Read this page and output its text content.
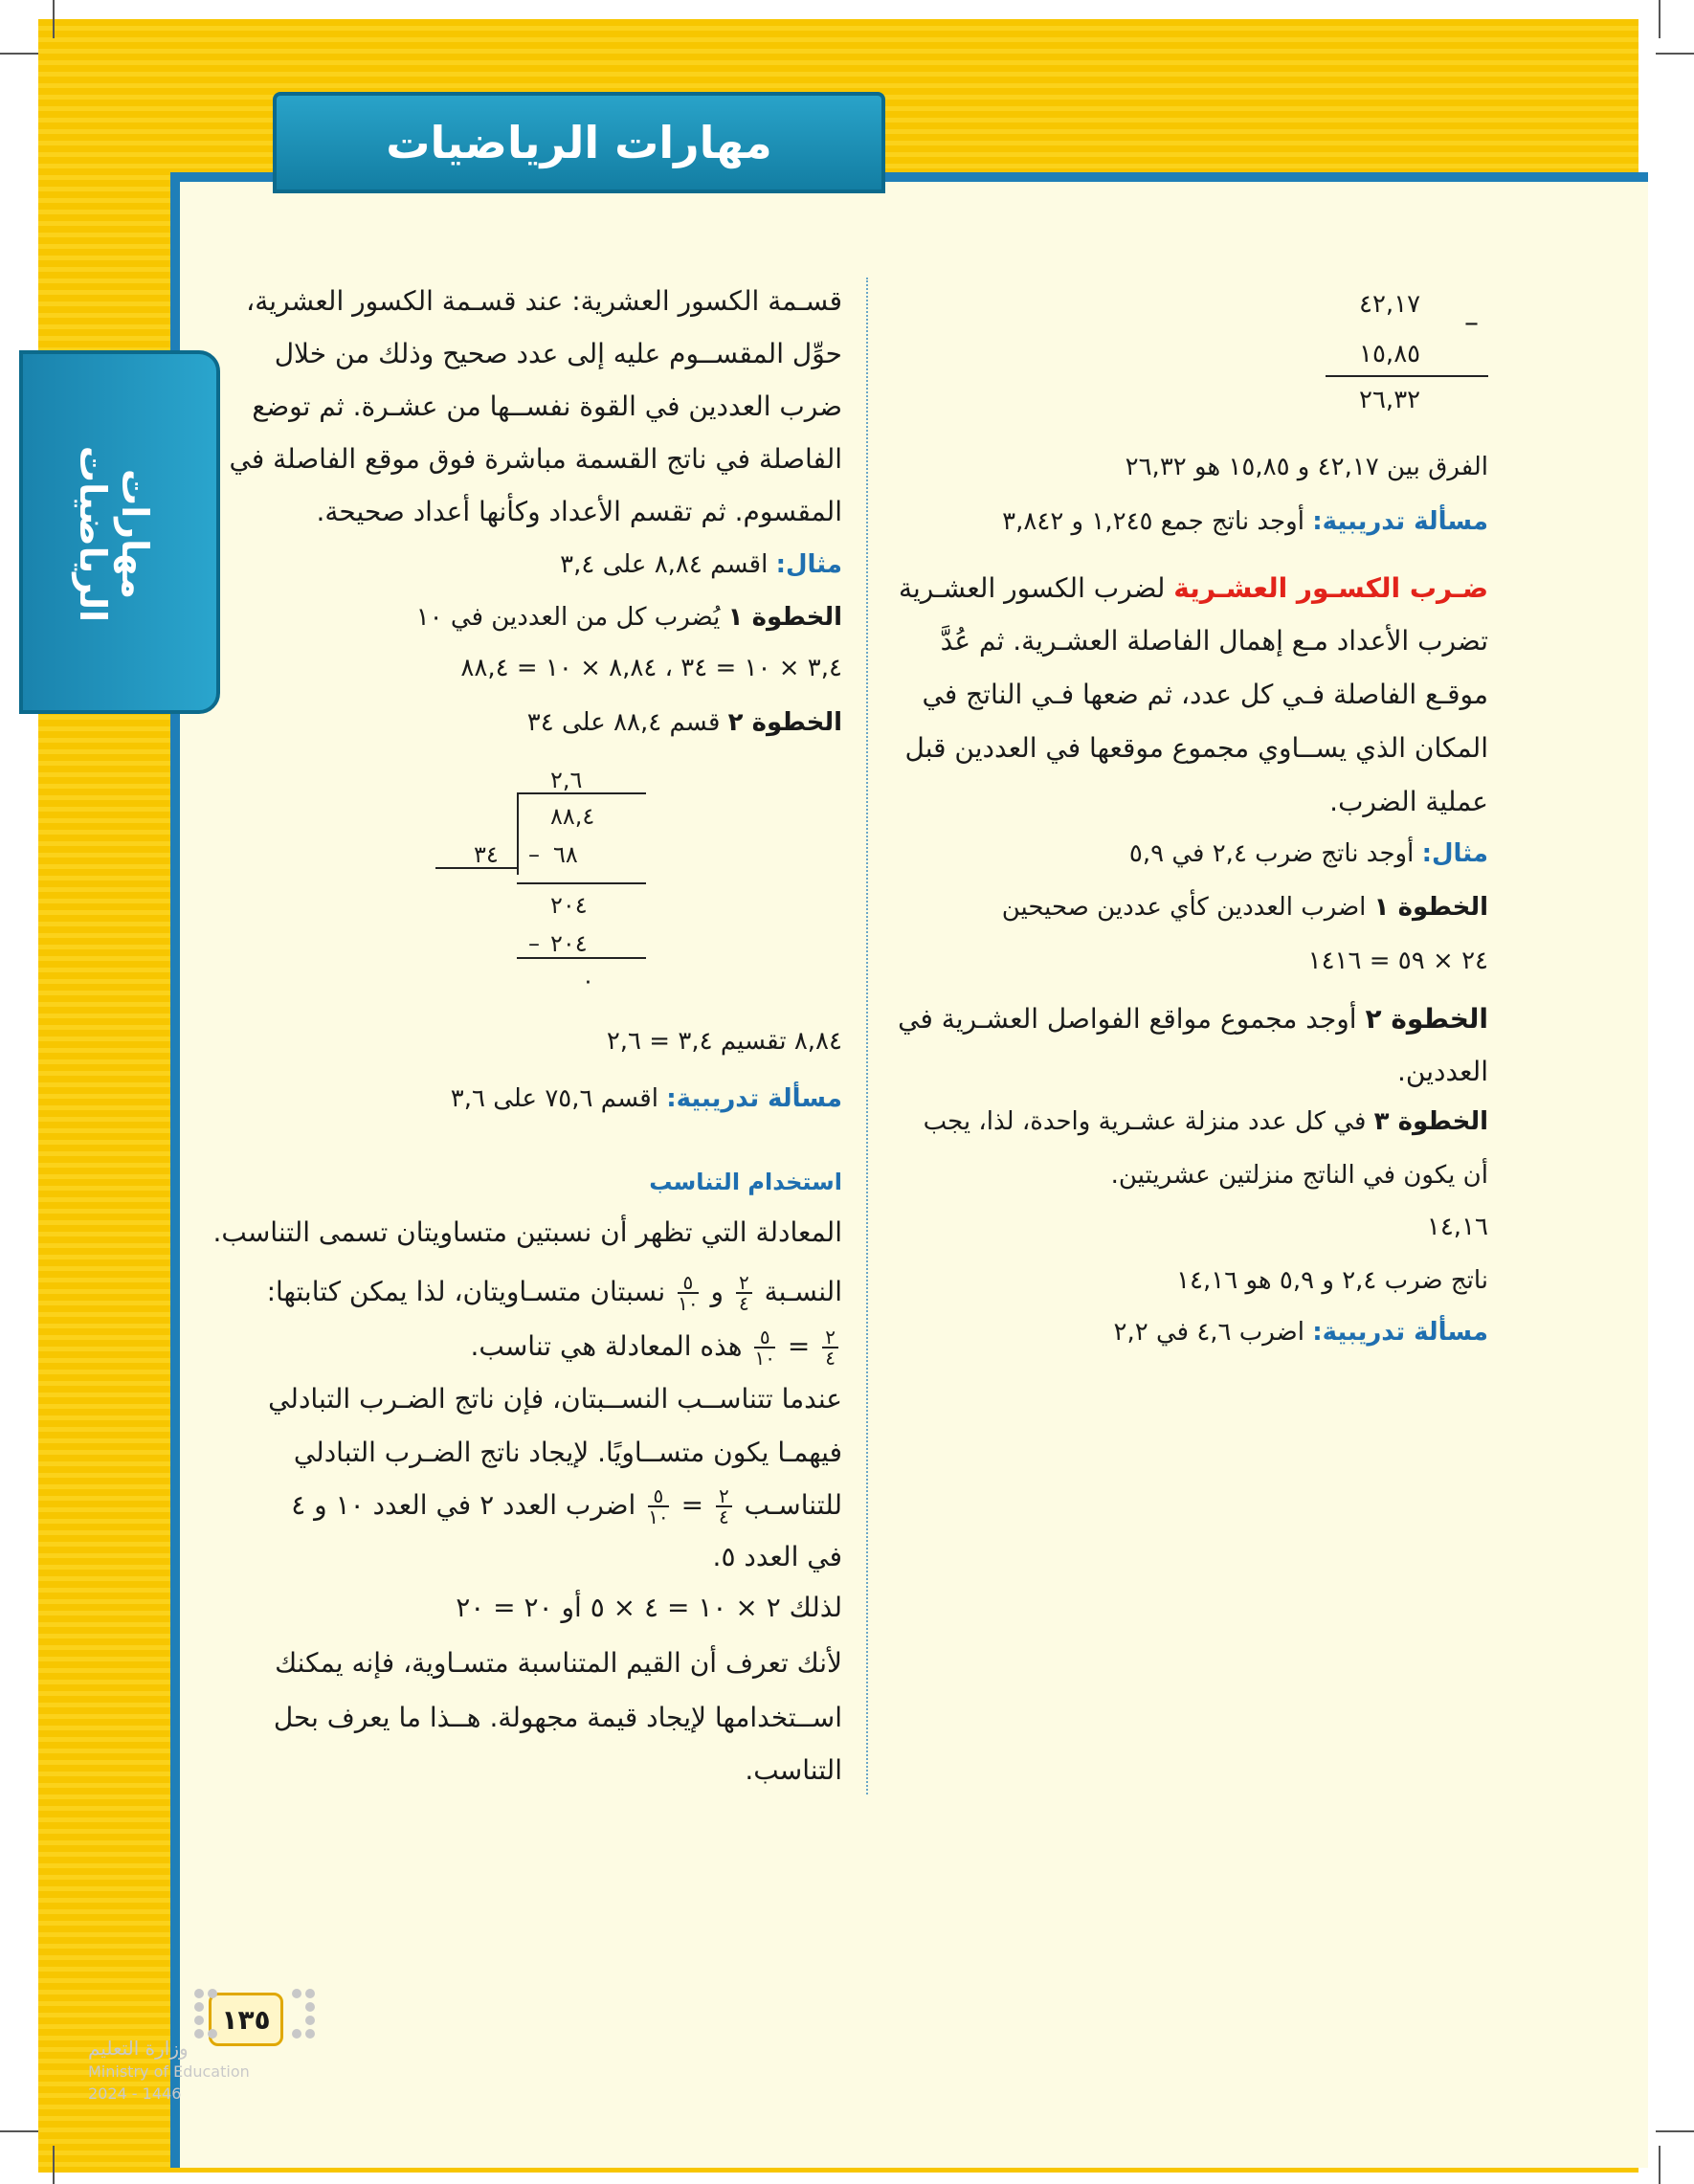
مهارات الرياضيات
مهارات الرياضيات
٤٢,١٧
–
١٥,٨٥
٢٦,٣٢
الفرق بين ٤٢,١٧ و ١٥,٨٥ هو ٢٦,٣٢
مسألة تدريبية: أوجد ناتج جمع ١,٢٤٥ و ٣,٨٤٢
ضـرب الكسـور العشـرية لضرب الكسور العشـرية
تضرب الأعداد مـع إهمال الفاصلة العشـرية. ثم عُدَّ
موقـع الفاصلة فـي كل عدد، ثم ضعها فـي الناتج في
المكان الذي يســاوي مجموع موقعها في العددين قبل
عملية الضرب.
مثال: أوجد ناتج ضرب ٢,٤ في ٥,٩
الخطوة ١ اضرب العددين كأي عددين صحيحين
٢٤ × ٥٩ = ١٤١٦
الخطوة ٢ أوجد مجموع مواقع الفواصل العشـرية في
العددين.
الخطوة ٣ في كل عدد منزلة عشـرية واحدة، لذا، يجب
أن يكون في الناتج منزلتين عشريتين.
١٤,١٦
ناتج ضرب ٢,٤ و ٥,٩ هو ١٤,١٦
مسألة تدريبية: اضرب ٤,٦ في ٢,٢
قسـمة الكسور العشرية: عند قسـمة الكسور العشرية،
حوِّل المقســوم عليه إلى عدد صحيح وذلك من خلال
ضرب العددين في القوة نفســها من عشـرة. ثم توضع
الفاصلة في ناتج القسمة مباشرة فوق موقع الفاصلة في
المقسوم. ثم تقسم الأعداد وكأنها أعداد صحيحة.
مثال: اقسم ٨,٨٤ على ٣,٤
الخطوة ١ يُضرب كل من العددين في ١٠
٣,٤ × ١٠ = ٣٤ ، ٨,٨٤ × ١٠ = ٨٨,٤
الخطوة ٢ قسم ٨٨,٤ على ٣٤
٢,٦
٨٨,٤
٣٤ – ٦٨
٢٠٤
– ٢٠٤
٠
٨,٨٤ تقسيم ٣,٤ = ٢,٦
مسألة تدريبية: اقسم ٧٥,٦ على ٣,٦
استخدام التناسب
المعادلة التي تظهر أن نسبتين متساويتان تسمى التناسب.
النسـبة
$\frac{٢}{٤}$
و
$\frac{٥}{١٠}$
نسبتان متسـاويتان، لذا يمكن كتابتها:
$\frac{٢}{٤}$
=
$\frac{٥}{١٠}$
هذه المعادلة هي تناسب.
عندما تتناســب النســبتان، فإن ناتج الضـرب التبادلي
فيهمـا يكون متســاويًا. لإيجاد ناتج الضـرب التبادلي
للتناسـب
$\frac{٢}{٤}$
=
$\frac{٥}{١٠}$
اضرب العدد ٢ في العدد ١٠ و ٤
في العدد ٥.
لذلك ٢ × ١٠ = ٤ × ٥ أو ٢٠ = ٢٠
لأنك تعرف أن القيم المتناسبة متسـاوية، فإنه يمكنك
اســتخدامها لإيجاد قيمة مجهولة. هــذا ما يعرف بحل
التناسب.
١٣٥
وزارة التعليم
Ministry of Education
2024 - 1446
